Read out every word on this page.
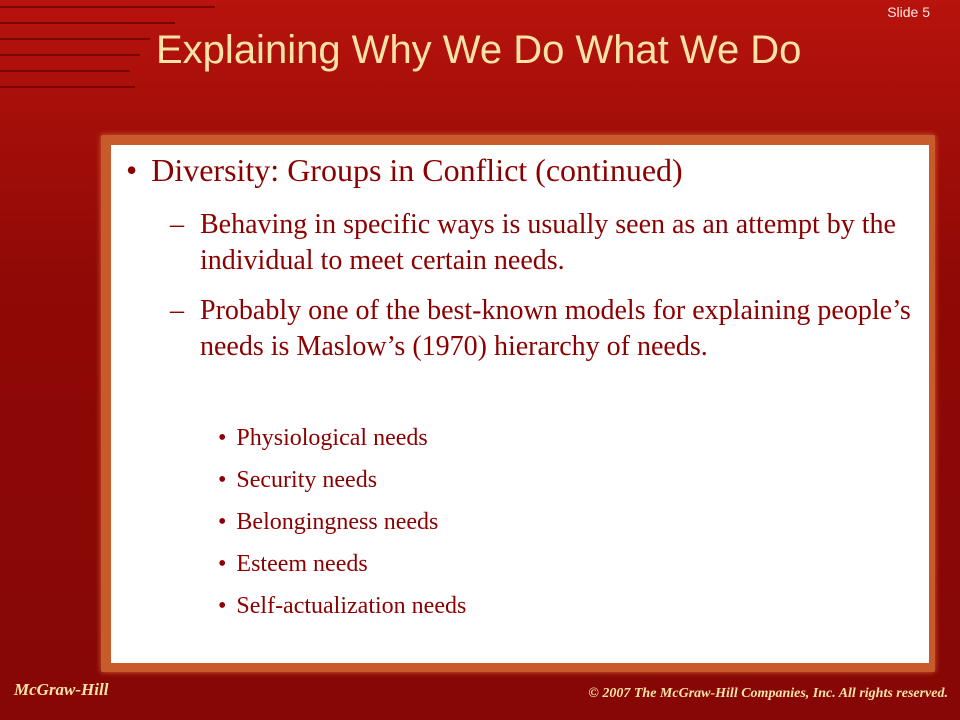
Slide 5
Explaining Why We Do What We Do
• Diversity: Groups in Conflict (continued)
– Behaving in specific ways is usually seen as an attempt by the individual to meet certain needs.
– Probably one of the best-known models for explaining people’s needs is Maslow’s (1970) hierarchy of needs.
• Physiological needs
• Security needs
• Belongingness needs
• Esteem needs
• Self-actualization needs
McGraw-Hill	© 2007 The McGraw-Hill Companies, Inc. All rights reserved.
